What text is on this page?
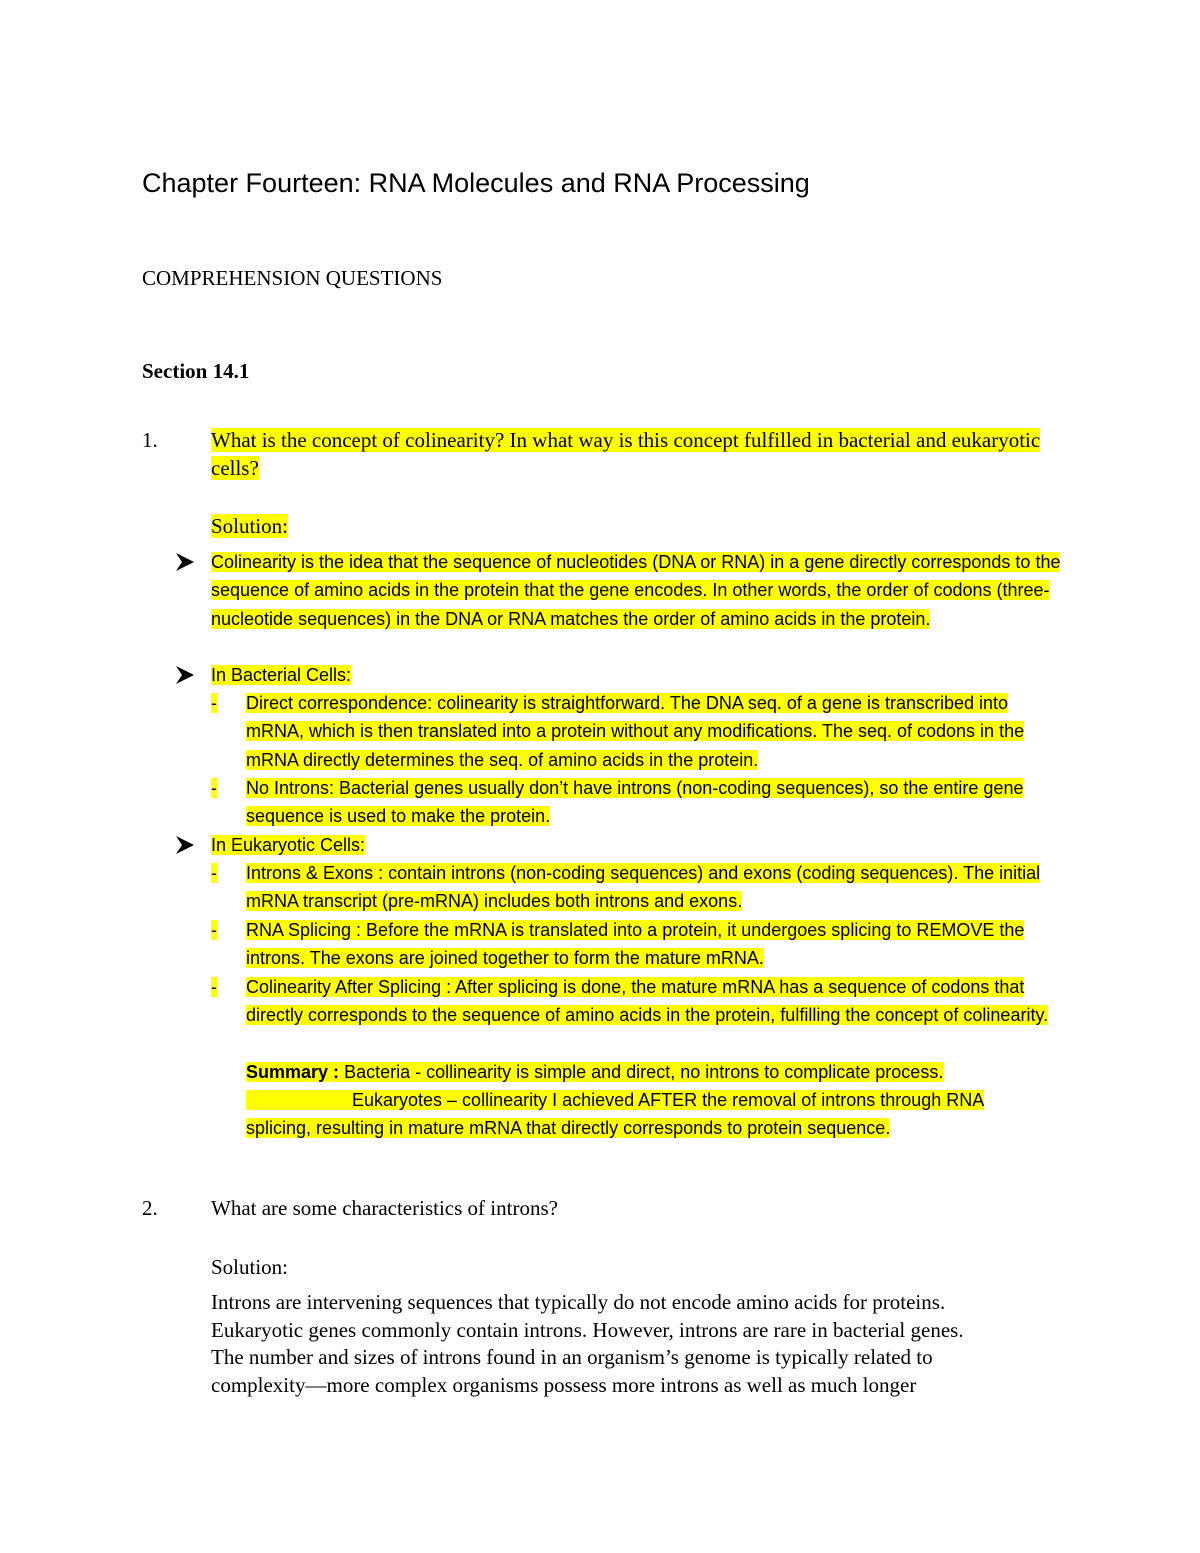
Chapter Fourteen: RNA Molecules and RNA Processing
COMPREHENSION QUESTIONS
Section 14.1
1.	What is the concept of colinearity? In what way is this concept fulfilled in bacterial and eukaryotic cells?
Solution:
Colinearity is the idea that the sequence of nucleotides (DNA or RNA) in a gene directly corresponds to the sequence of amino acids in the protein that the gene encodes. In other words, the order of codons (three-nucleotide sequences) in the DNA or RNA matches the order of amino acids in the protein.
In Bacterial Cells:
- Direct correspondence: colinearity is straightforward. The DNA seq. of a gene is transcribed into mRNA, which is then translated into a protein without any modifications. The seq. of codons in the mRNA directly determines the seq. of amino acids in the protein.
- No Introns: Bacterial genes usually don’t have introns (non-coding sequences), so the entire gene sequence is used to make the protein.
In Eukaryotic Cells:
- Introns & Exons : contain introns (non-coding sequences) and exons (coding sequences). The initial mRNA transcript (pre-mRNA) includes both introns and exons.
- RNA Splicing : Before the mRNA is translated into a protein, it undergoes splicing to REMOVE the introns. The exons are joined together to form the mature mRNA.
- Colinearity After Splicing : After splicing is done, the mature mRNA has a sequence of codons that directly corresponds to the sequence of amino acids in the protein, fulfilling the concept of colinearity.
Summary : Bacteria - collinearity is simple and direct, no introns to complicate process.
Eukaryotes – collinearity I achieved AFTER the removal of introns through RNA
splicing, resulting in mature mRNA that directly corresponds to protein sequence.
2.	What are some characteristics of introns?
Solution:
Introns are intervening sequences that typically do not encode amino acids for proteins.
Eukaryotic genes commonly contain introns. However, introns are rare in bacterial genes.
The number and sizes of introns found in an organism’s genome is typically related to
complexity—more complex organisms possess more introns as well as much longer
